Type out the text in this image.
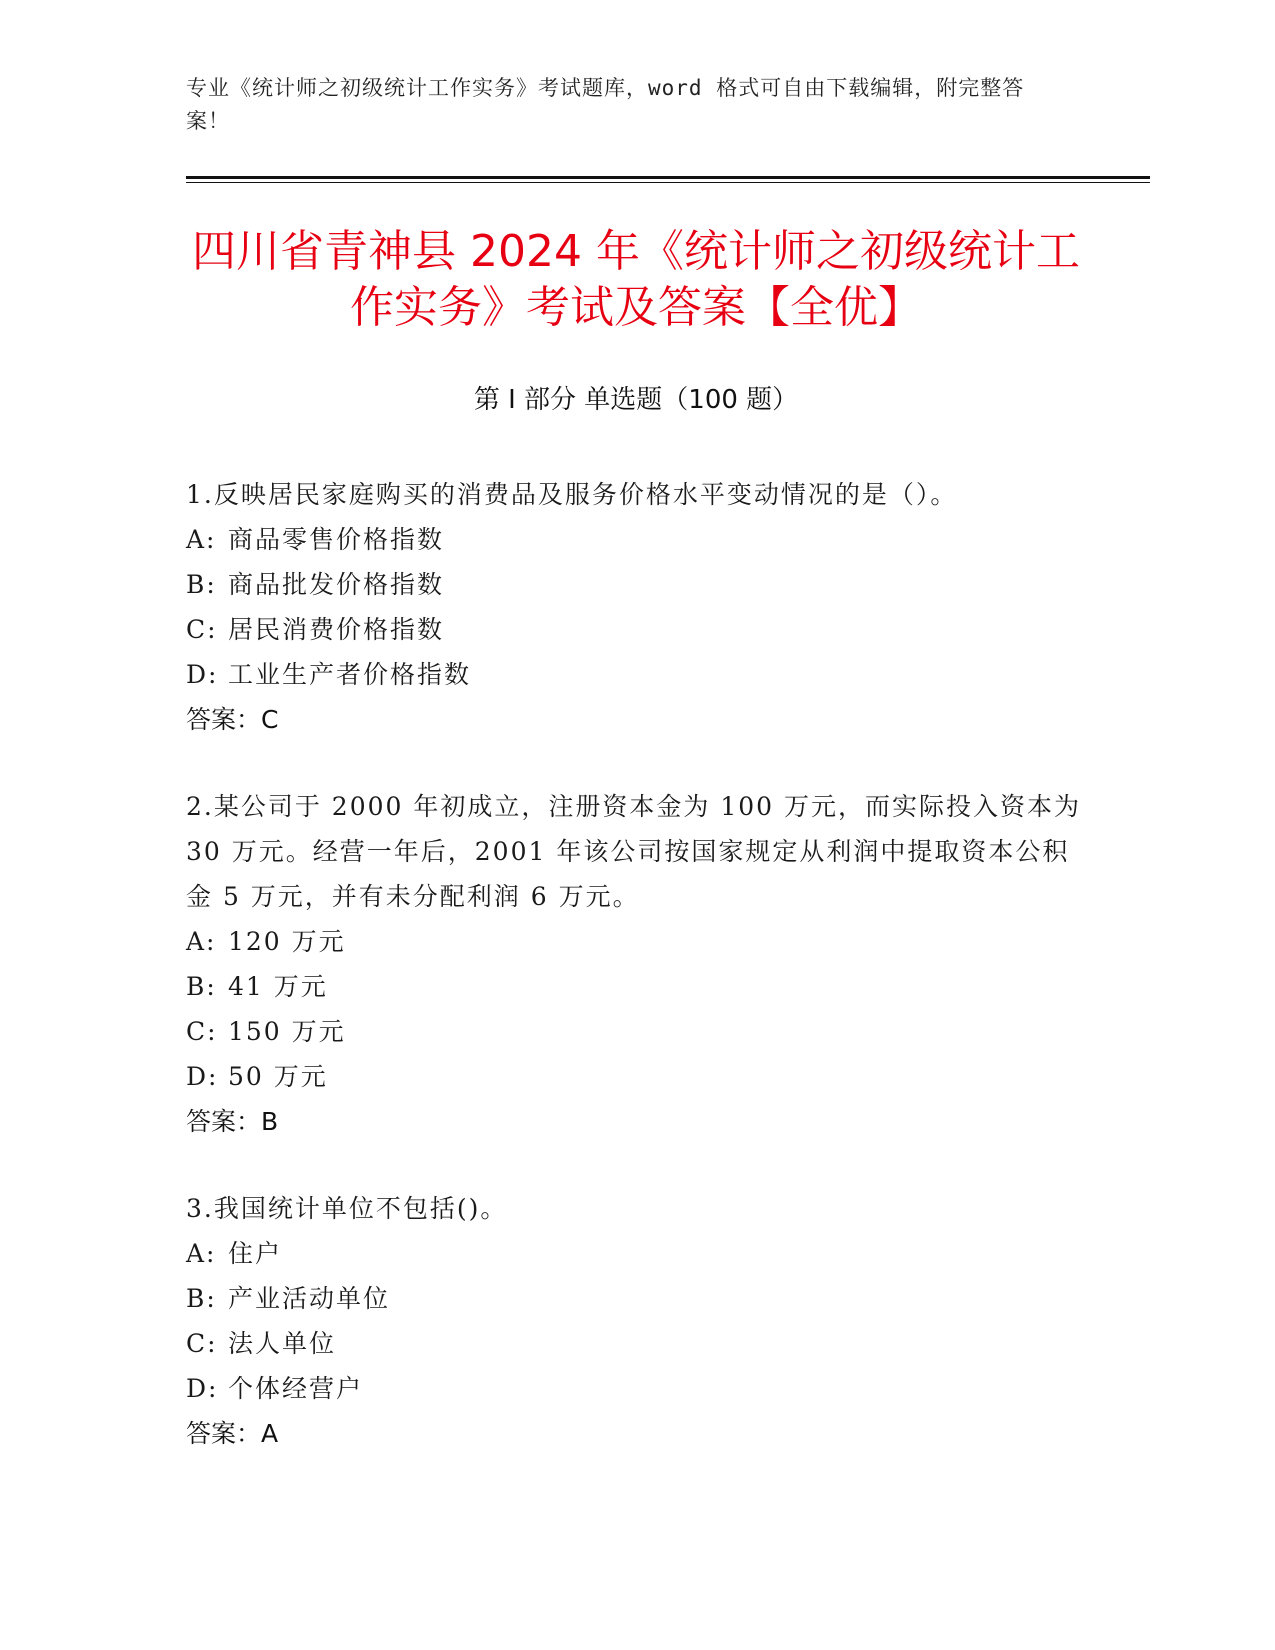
专业《统计师之初级统计工作实务》考试题库，word 格式可自由下载编辑，附完整答案！
四川省青神县 2024 年《统计师之初级统计工
作实务》考试及答案【全优】
第 I 部分 单选题（100 题）
1.反映居民家庭购买的消费品及服务价格水平变动情况的是（）。
A: 商品零售价格指数
B: 商品批发价格指数
C: 居民消费价格指数
D: 工业生产者价格指数
答案：C
2.某公司于 2000 年初成立，注册资本金为 100 万元，而实际投入资本为 30 万元。经营一年后，2001 年该公司按国家规定从利润中提取资本公积金 5 万元，并有未分配利润 6 万元。
A: 120 万元
B: 41 万元
C: 150 万元
D: 50 万元
答案：B
3.我国统计单位不包括()。
A: 住户
B: 产业活动单位
C: 法人单位
D: 个体经营户
答案：A
